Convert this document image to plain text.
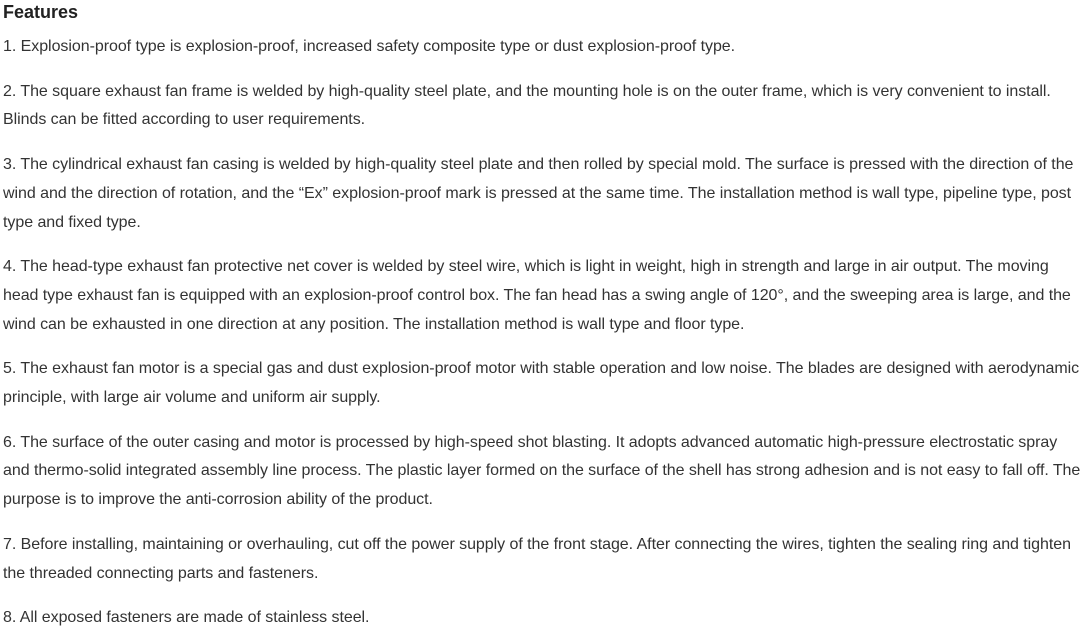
Features

1. Explosion-proof type is explosion-proof, increased safety composite type or dust explosion-proof type.

2. The square exhaust fan frame is welded by high-quality steel plate, and the mounting hole is on the outer frame, which is very convenient to install. Blinds can be fitted according to user requirements.

3. The cylindrical exhaust fan casing is welded by high-quality steel plate and then rolled by special mold. The surface is pressed with the direction of the wind and the direction of rotation, and the “Ex” explosion-proof mark is pressed at the same time. The installation method is wall type, pipeline type, post type and fixed type.

4. The head-type exhaust fan protective net cover is welded by steel wire, which is light in weight, high in strength and large in air output. The moving head type exhaust fan is equipped with an explosion-proof control box. The fan head has a swing angle of 120°, and the sweeping area is large, and the wind can be exhausted in one direction at any position. The installation method is wall type and floor type.

5. The exhaust fan motor is a special gas and dust explosion-proof motor with stable operation and low noise. The blades are designed with aerodynamic principle, with large air volume and uniform air supply.

6. The surface of the outer casing and motor is processed by high-speed shot blasting. It adopts advanced automatic high-pressure electrostatic spray and thermo-solid integrated assembly line process. The plastic layer formed on the surface of the shell has strong adhesion and is not easy to fall off. The purpose is to improve the anti-corrosion ability of the product.

7. Before installing, maintaining or overhauling, cut off the power supply of the front stage. After connecting the wires, tighten the sealing ring and tighten the threaded connecting parts and fasteners.

8. All exposed fasteners are made of stainless steel.
